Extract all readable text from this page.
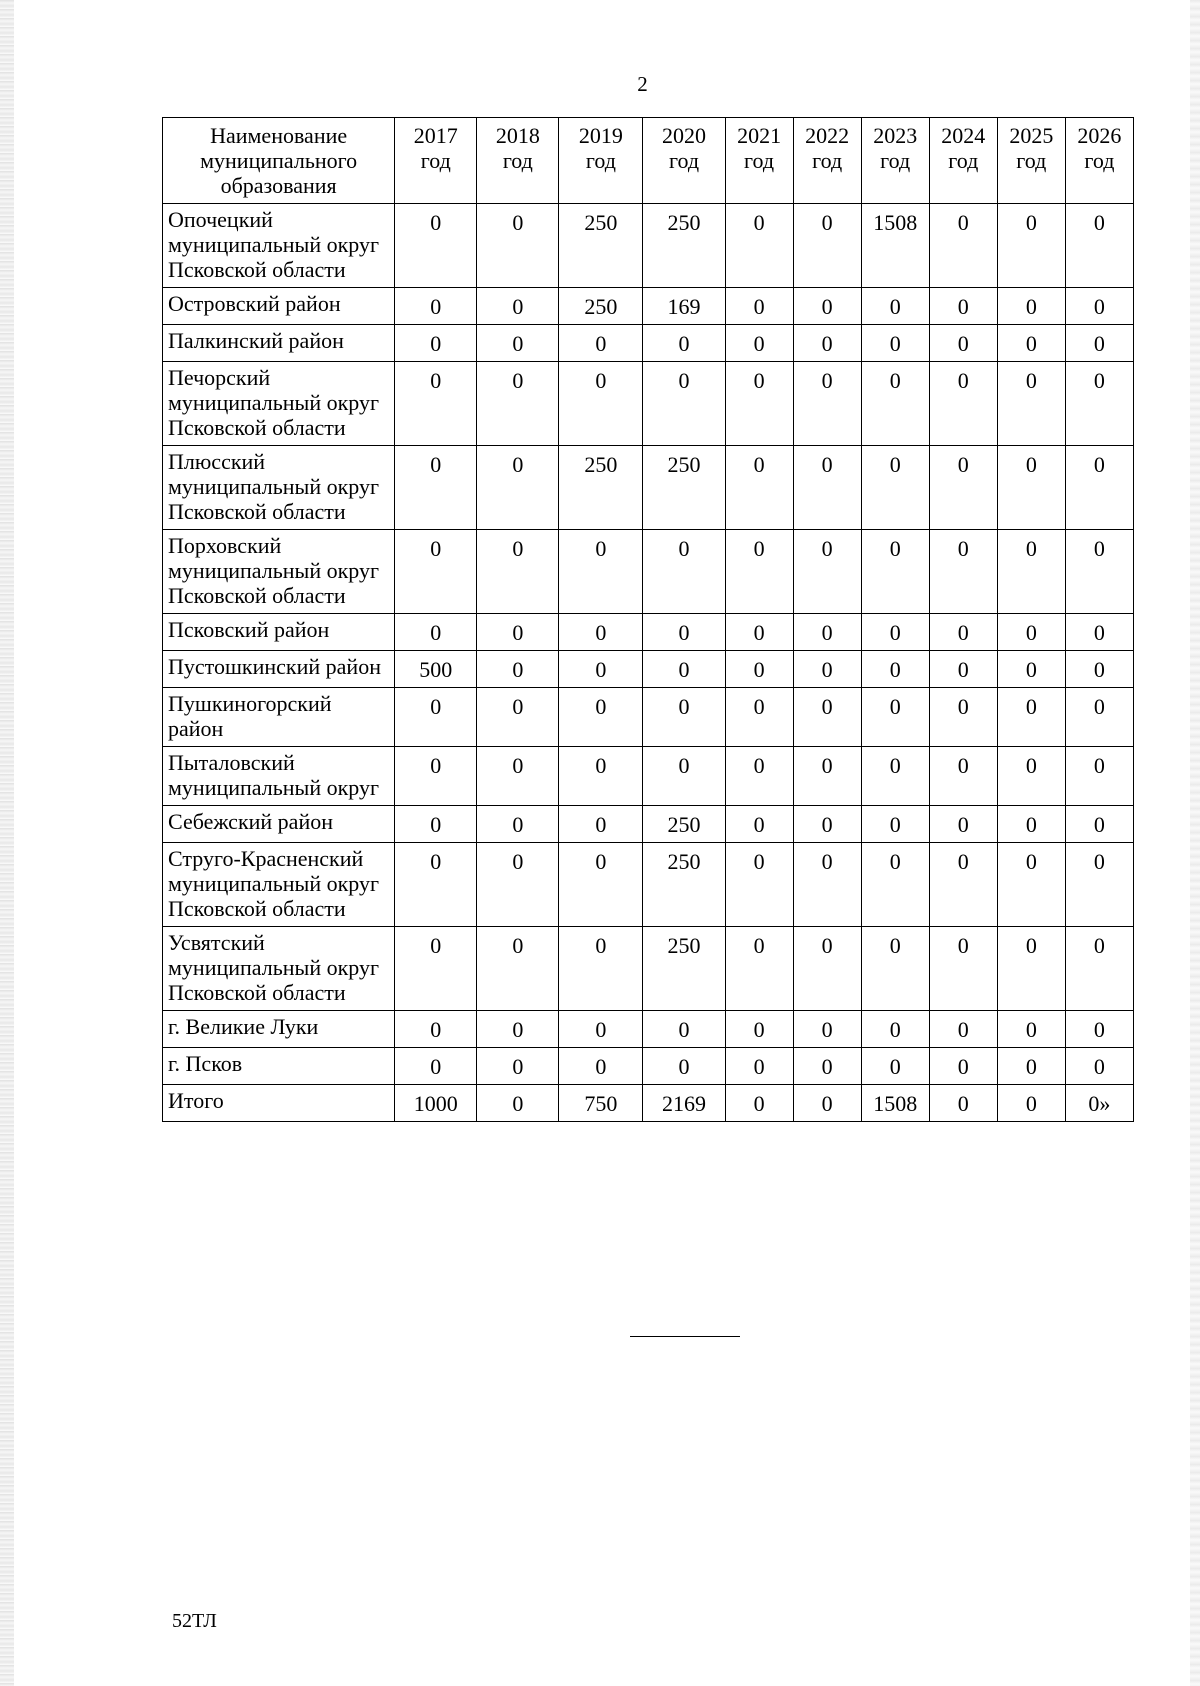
2
Наименование муниципального образования	2017 год	2018 год	2019 год	2020 год	2021 год	2022 год	2023 год	2024 год	2025 год	2026 год
Опочецкий муниципальный округ Псковской области	0	0	250	250	0	0	1508	0	0	0
Островский район	0	0	250	169	0	0	0	0	0	0
Палкинский район	0	0	0	0	0	0	0	0	0	0
Печорский муниципальный округ Псковской области	0	0	0	0	0	0	0	0	0	0
Плюсский муниципальный округ Псковской области	0	0	250	250	0	0	0	0	0	0
Порховский муниципальный округ Псковской области	0	0	0	0	0	0	0	0	0	0
Псковский район	0	0	0	0	0	0	0	0	0	0
Пустошкинский район	500	0	0	0	0	0	0	0	0	0
Пушкиногорский район	0	0	0	0	0	0	0	0	0	0
Пыталовский муниципальный округ	0	0	0	0	0	0	0	0	0	0
Себежский район	0	0	0	250	0	0	0	0	0	0
Струго-Красненский муниципальный округ Псковской области	0	0	0	250	0	0	0	0	0	0
Усвятский муниципальный округ Псковской области	0	0	0	250	0	0	0	0	0	0
г. Великие Луки	0	0	0	0	0	0	0	0	0	0
г. Псков	0	0	0	0	0	0	0	0	0	0
Итого	1000	0	750	2169	0	0	1508	0	0	0»
52ТЛ
